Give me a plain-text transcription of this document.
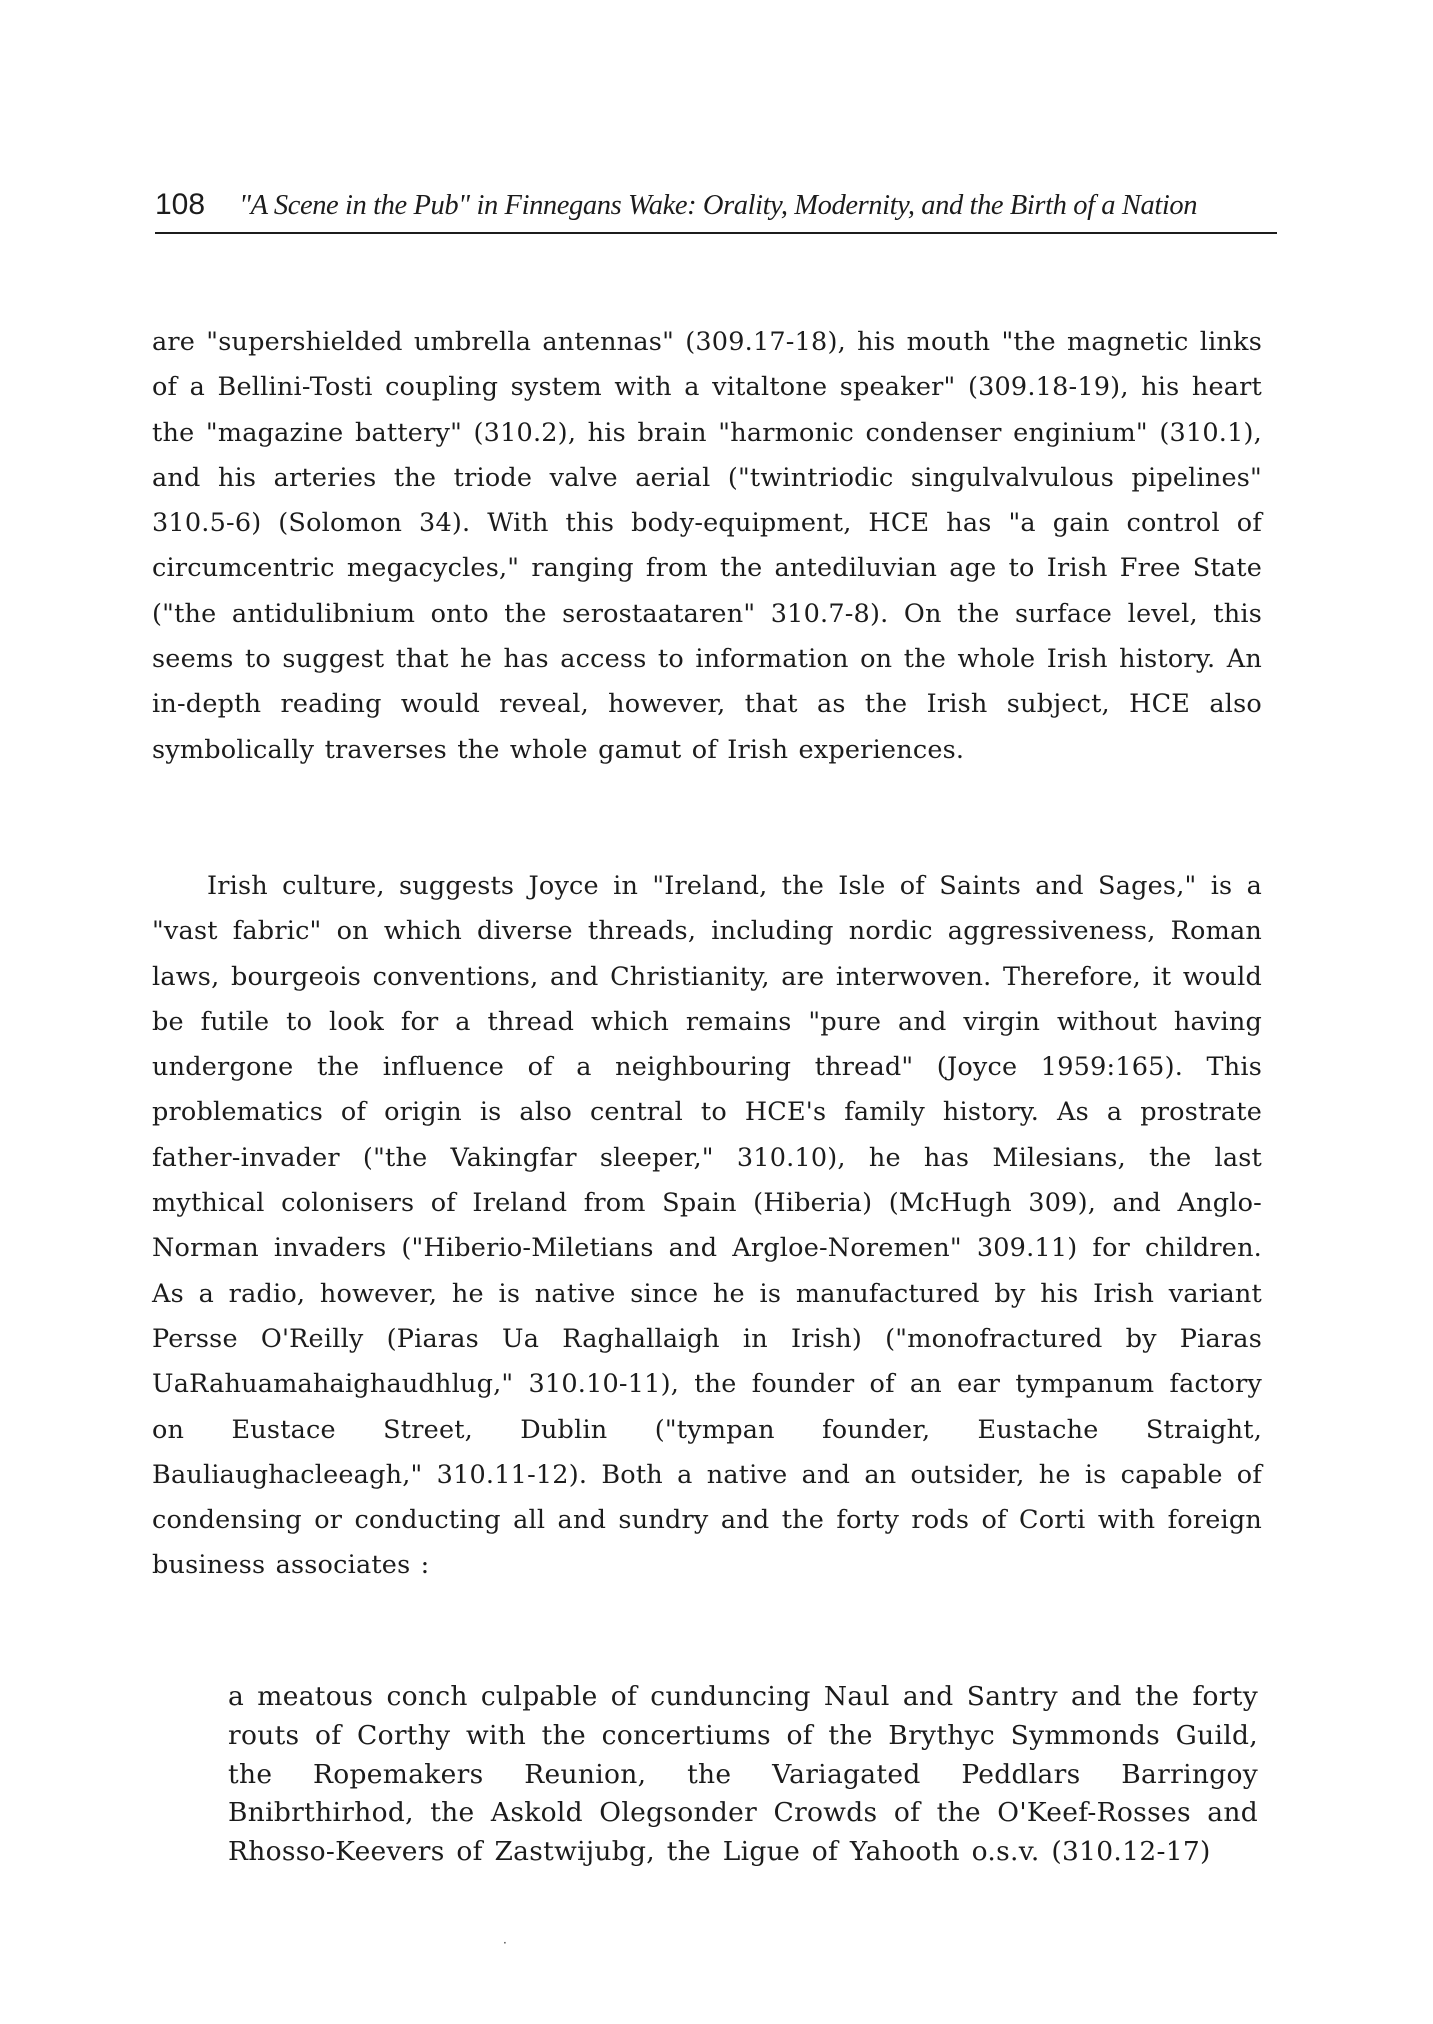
108 "A Scene in the Pub" in Finnegans Wake: Orality, Modernity, and the Birth of a Nation

are "supershielded umbrella antennas" (309.17-18), his mouth "the magnetic links of a Bellini-Tosti coupling system with a vitaltone speaker" (309.18-19), his heart the "magazine battery" (310.2), his brain "harmonic condenser enginium" (310.1), and his arteries the triode valve aerial ("twintriodic singulvalvulous pipelines" 310.5-6) (Solomon 34). With this body-equipment, HCE has "a gain control of circumcentric megacycles," ranging from the antediluvian age to Irish Free State ("the antidulibnium onto the serostaataren" 310.7-8). On the surface level, this seems to suggest that he has access to information on the whole Irish history. An in-depth reading would reveal, however, that as the Irish subject, HCE also symbolically traverses the whole gamut of Irish experiences.

Irish culture, suggests Joyce in "Ireland, the Isle of Saints and Sages," is a "vast fabric" on which diverse threads, including nordic aggressiveness, Roman laws, bourgeois conventions, and Christianity, are interwoven. Therefore, it would be futile to look for a thread which remains "pure and virgin without having undergone the influence of a neighbouring thread" (Joyce 1959:165). This problematics of origin is also central to HCE's family history. As a prostrate father-invader ("the Vakingfar sleeper," 310.10), he has Milesians, the last mythical colonisers of Ireland from Spain (Hiberia) (McHugh 309), and Anglo-Norman invaders ("Hiberio-Miletians and Argloe-Noremen" 309.11) for children. As a radio, however, he is native since he is manufactured by his Irish variant Persse O'Reilly (Piaras Ua Raghallaigh in Irish) ("monofractured by Piaras UaRahuamahaighaudhlug," 310.10-11), the founder of an ear tympanum factory on Eustace Street, Dublin ("tympan founder, Eustache Straight, Bauliaughacleeagh," 310.11-12). Both a native and an outsider, he is capable of condensing or conducting all and sundry and the forty rods of Corti with foreign business associates :

a meatous conch culpable of cunduncing Naul and Santry and the forty routs of Corthy with the concertiums of the Brythyc Symmonds Guild, the Ropemakers Reunion, the Variagated Peddlars Barringoy Bnibrthirhod, the Askold Olegsonder Crowds of the O'Keef-Rosses and Rhosso-Keevers of Zastwijubg, the Ligue of Yahooth o.s.v. (310.12-17)

·
